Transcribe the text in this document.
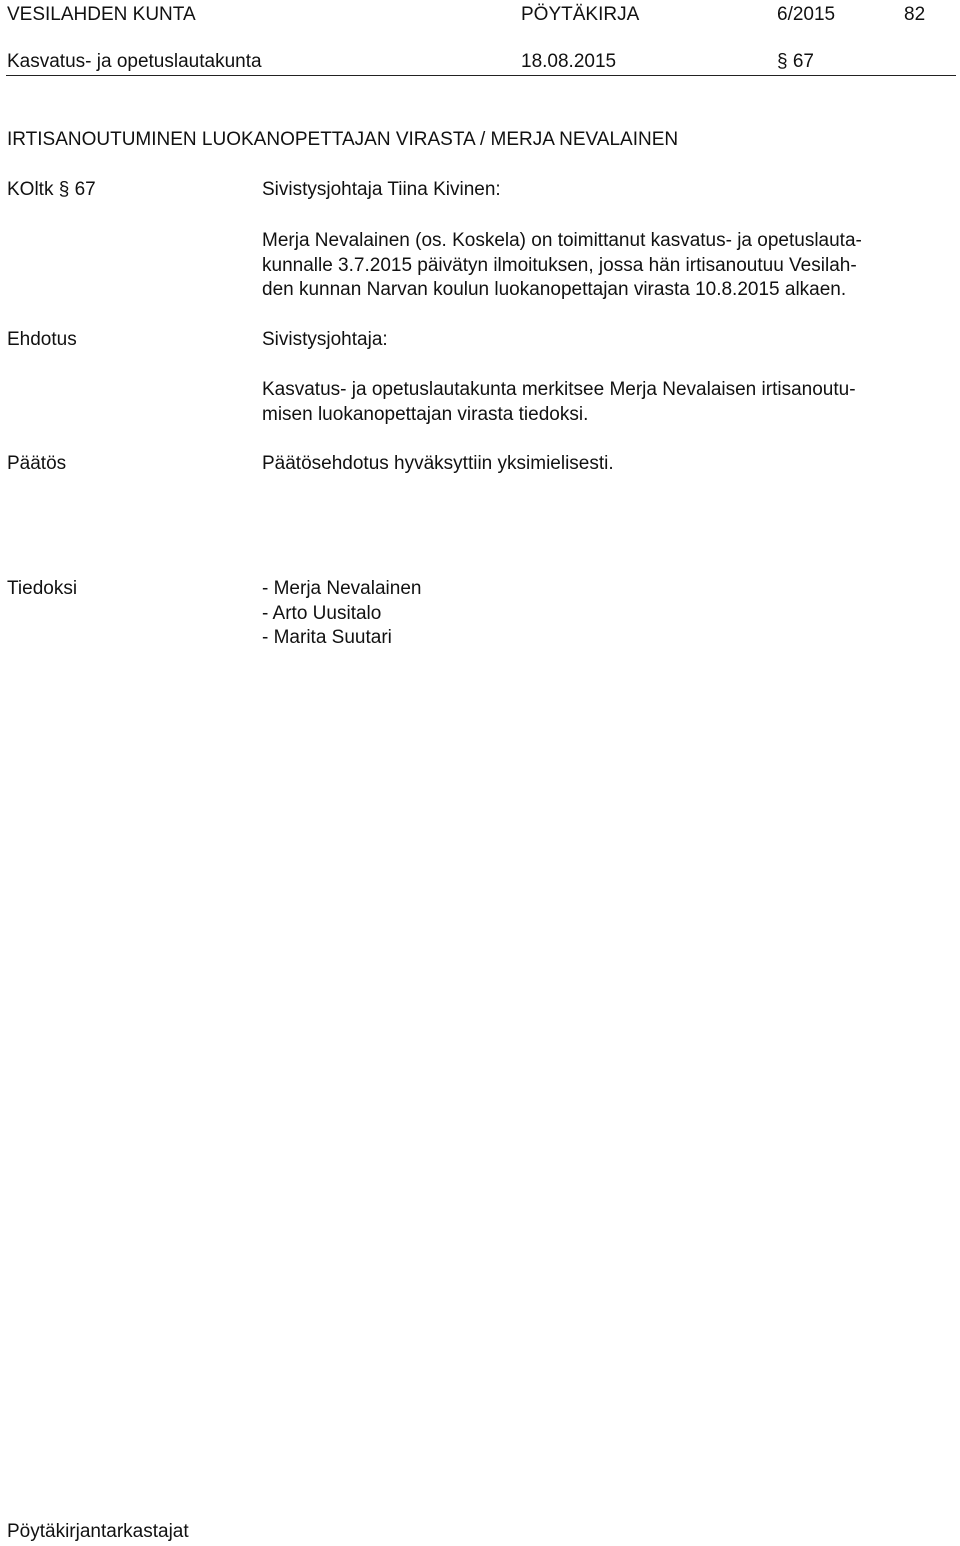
VESILAHDEN KUNTA	PÖYTÄKIRJA	6/2015	82
Kasvatus- ja opetuslautakunta	18.08.2015	§ 67
IRTISANOUTUMINEN LUOKANOPETTAJAN VIRASTA / MERJA NEVALAINEN
KOltk § 67	Sivistysjohtaja Tiina Kivinen:
Merja Nevalainen (os. Koskela) on toimittanut kasvatus- ja opetuslauta-
kunnalle 3.7.2015 päivätyn ilmoituksen, jossa hän irtisanoutuu Vesilah-
den kunnan Narvan koulun luokanopettajan virasta 10.8.2015 alkaen.
Ehdotus	Sivistysjohtaja:
Kasvatus- ja opetuslautakunta merkitsee Merja Nevalaisen irtisanoutu-
misen luokanopettajan virasta tiedoksi.
Päätös	Päätösehdotus hyväksyttiin yksimielisesti.
Tiedoksi	- Merja Nevalainen
- Arto Uusitalo
- Marita Suutari
Pöytäkirjantarkastajat
